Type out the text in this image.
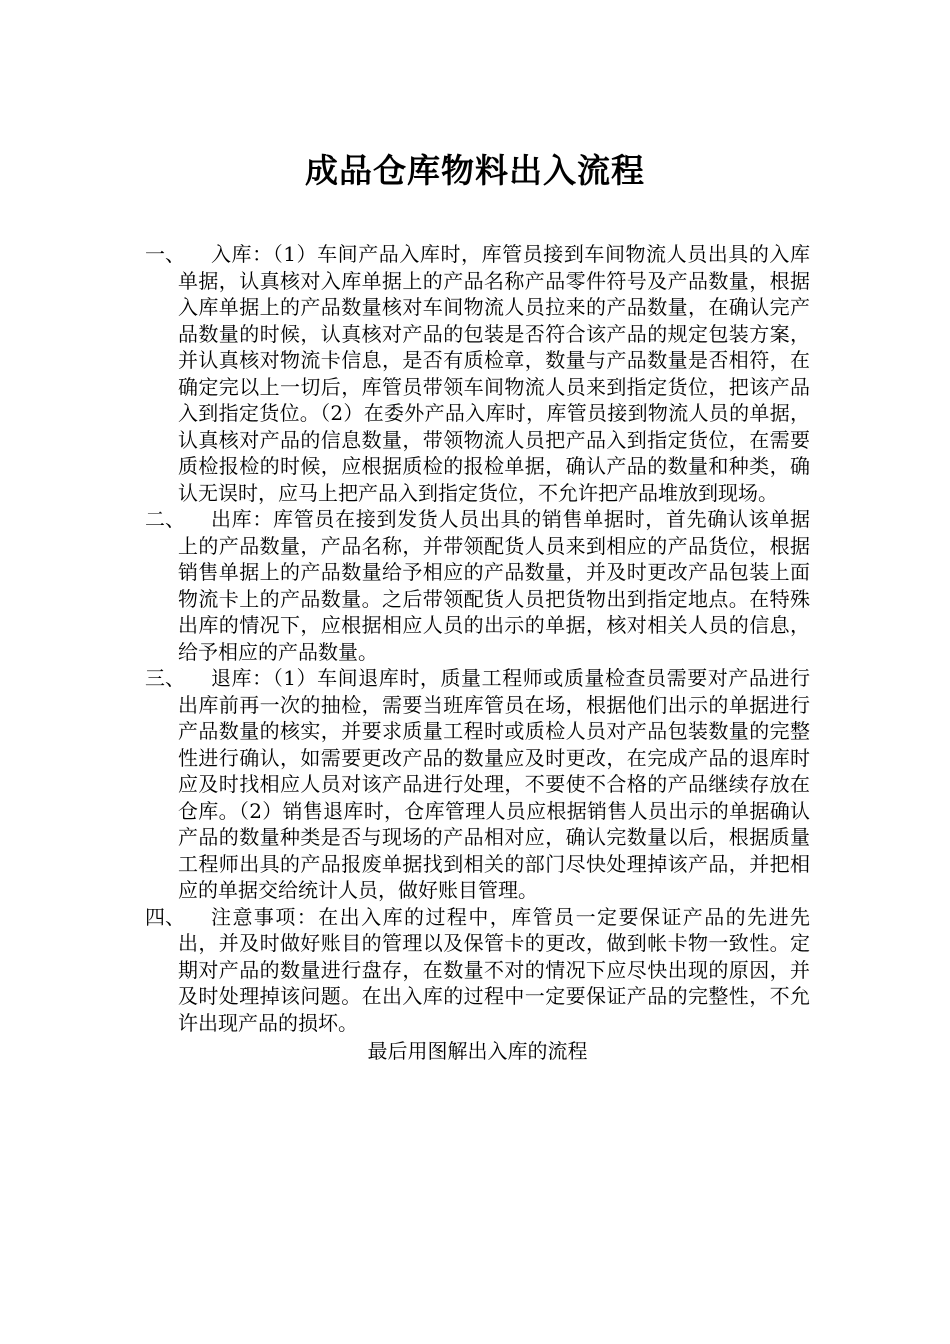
成品仓库物料出入流程
一、 入库：（1）车间产品入库时，库管员接到车间物流人员出具的入库单据，认真核对入库单据上的产品名称产品零件符号及产品数量，根据入库单据上的产品数量核对车间物流人员拉来的产品数量，在确认完产品数量的时候，认真核对产品的包装是否符合该产品的规定包装方案，并认真核对物流卡信息，是否有质检章，数量与产品数量是否相符，在确定完以上一切后，库管员带领车间物流人员来到指定货位，把该产品入到指定货位。（2）在委外产品入库时，库管员接到物流人员的单据，认真核对产品的信息数量，带领物流人员把产品入到指定货位，在需要质检报检的时候，应根据质检的报检单据，确认产品的数量和种类，确认无误时，应马上把产品入到指定货位，不允许把产品堆放到现场。
二、 出库：库管员在接到发货人员出具的销售单据时，首先确认该单据上的产品数量，产品名称，并带领配货人员来到相应的产品货位，根据销售单据上的产品数量给予相应的产品数量，并及时更改产品包装上面物流卡上的产品数量。之后带领配货人员把货物出到指定地点。在特殊出库的情况下，应根据相应人员的出示的单据，核对相关人员的信息，给予相应的产品数量。
三、 退库：（1）车间退库时，质量工程师或质量检查员需要对产品进行出库前再一次的抽检，需要当班库管员在场，根据他们出示的单据进行产品数量的核实，并要求质量工程时或质检人员对产品包装数量的完整性进行确认，如需要更改产品的数量应及时更改，在完成产品的退库时应及时找相应人员对该产品进行处理，不要使不合格的产品继续存放在仓库。（2）销售退库时，仓库管理人员应根据销售人员出示的单据确认产品的数量种类是否与现场的产品相对应，确认完数量以后，根据质量工程师出具的产品报废单据找到相关的部门尽快处理掉该产品，并把相应的单据交给统计人员，做好账目管理。
四、 注意事项：在出入库的过程中，库管员一定要保证产品的先进先出，并及时做好账目的管理以及保管卡的更改，做到帐卡物一致性。定期对产品的数量进行盘存，在数量不对的情况下应尽快出现的原因，并及时处理掉该问题。在出入库的过程中一定要保证产品的完整性，不允许出现产品的损坏。
最后用图解出入库的流程
